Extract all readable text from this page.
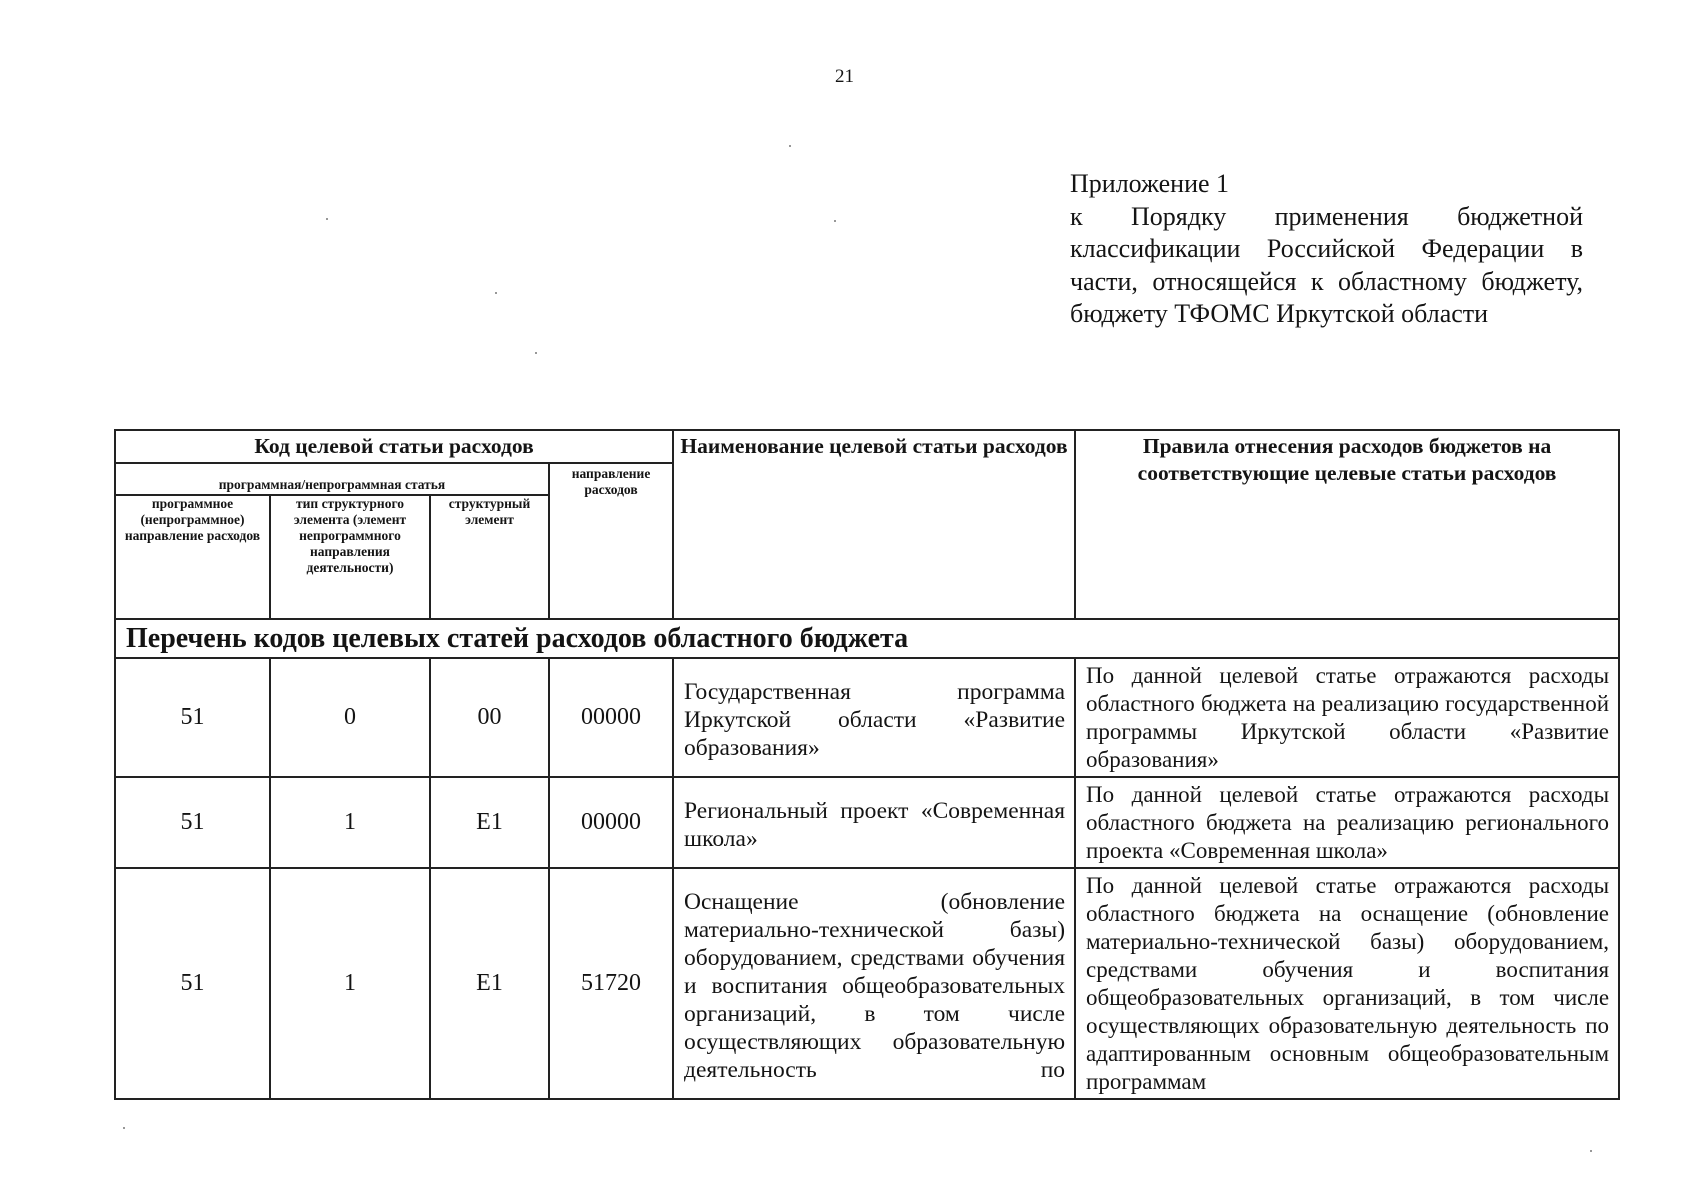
21
Приложение 1
к Порядку применения бюджетной классификации Российской Федерации в части, относящейся к областному бюджету, бюджету ТФОМС Иркутской области
Код целевой статьи расходов				Наименование целевой статьи расходов	Правила отнесения расходов бюджетов на соответствующие целевые статьи расходов
программная/непрограммная статья			направление расходов		
программное (непрограммное) направление расходов	тип структурного элемента (элемент непрограммного направления деятельности)	структурный элемент			
Перечень кодов целевых статей расходов областного бюджета					
51	0	00	00000	Государственная программа Иркутской области «Развитие образования»	По данной целевой статье отражаются расходы областного бюджета на реализацию государственной программы Иркутской области «Развитие образования»
51	1	Е1	00000	Региональный проект «Современная школа»	По данной целевой статье отражаются расходы областного бюджета на реализацию регионального проекта «Современная школа»
51	1	Е1	51720	Оснащение (обновление материально-технической базы) оборудованием, средствами обучения и воспитания общеобразовательных организаций, в том числе осуществляющих образовательную деятельность по	По данной целевой статье отражаются расходы областного бюджета на оснащение (обновление материально-технической базы) оборудованием, средствами обучения и воспитания общеобразовательных организаций, в том числе осуществляющих образовательную деятельность по адаптированным основным общеобразовательным программам
